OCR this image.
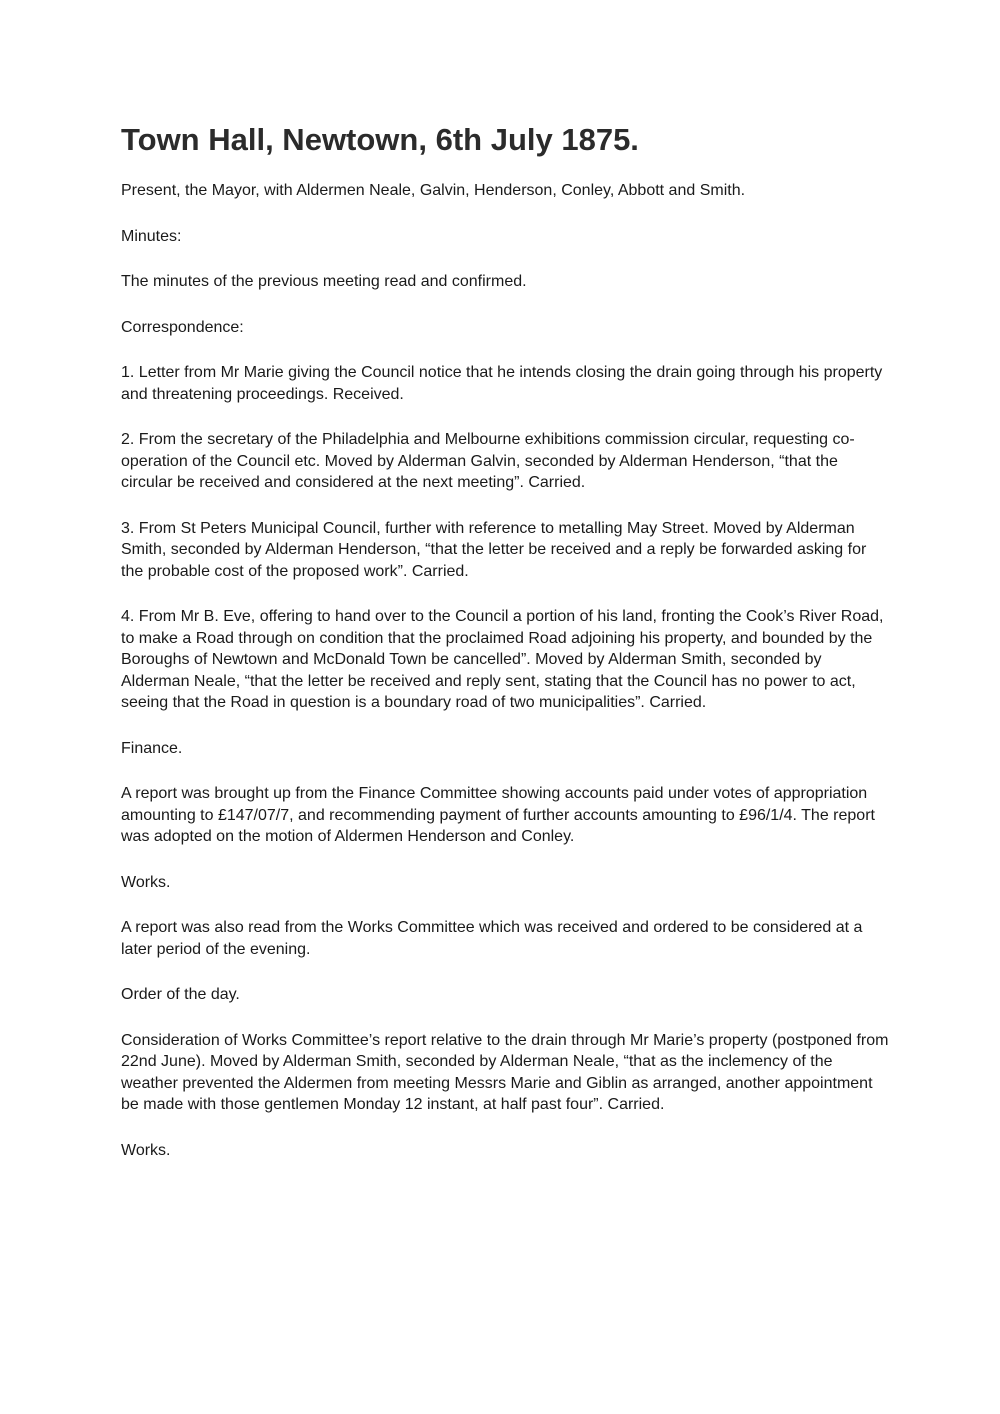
Town Hall, Newtown, 6th July 1875.

Present, the Mayor, with Aldermen Neale, Galvin, Henderson, Conley, Abbott and Smith.

Minutes:

The minutes of the previous meeting read and confirmed.

Correspondence:

1. Letter from Mr Marie giving the Council notice that he intends closing the drain going through his property and threatening proceedings. Received.

2. From the secretary of the Philadelphia and Melbourne exhibitions commission circular, requesting co-operation of the Council etc. Moved by Alderman Galvin, seconded by Alderman Henderson, “that the circular be received and considered at the next meeting”. Carried.

3. From St Peters Municipal Council, further with reference to metalling May Street. Moved by Alderman Smith, seconded by Alderman Henderson, “that the letter be received and a reply be forwarded asking for the probable cost of the proposed work”. Carried.

4. From Mr B. Eve, offering to hand over to the Council a portion of his land, fronting the Cook’s River Road, to make a Road through on condition that the proclaimed Road adjoining his property, and bounded by the Boroughs of Newtown and McDonald Town be cancelled”. Moved by Alderman Smith, seconded by Alderman Neale, “that the letter be received and reply sent, stating that the Council has no power to act, seeing that the Road in question is a boundary road of two municipalities”. Carried.

Finance.

A report was brought up from the Finance Committee showing accounts paid under votes of appropriation amounting to £147/07/7, and recommending payment of further accounts amounting to £96/1/4. The report was adopted on the motion of Aldermen Henderson and Conley.

Works.

A report was also read from the Works Committee which was received and ordered to be considered at a later period of the evening.

Order of the day.

Consideration of Works Committee’s report relative to the drain through Mr Marie’s property (postponed from 22nd June). Moved by Alderman Smith, seconded by Alderman Neale, “that as the inclemency of the weather prevented the Aldermen from meeting Messrs Marie and Giblin as arranged, another appointment be made with those gentlemen Monday 12 instant, at half past four”. Carried.

Works.
